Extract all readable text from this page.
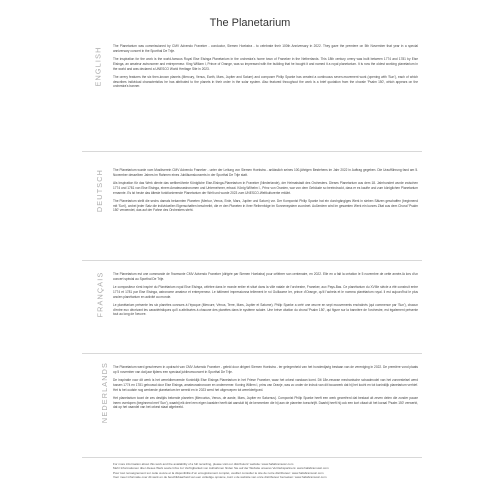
The Planetarium
ENGLISH

The Planetarium was commissioned by CMV Advendo Franeker - conductor, Siemen Hoekstra - to celebrate their 100th Anniversary in 2022. They gave the premiere on 5th November that year in a special anniversary concert in the Sporthal De Trije.

The inspiration for the work is the world-famous Royal Eise Eisinga Planetarium in the orchestra's home town of Franeker in the Netherlands. This 18th century orrery was built between 1774 and 1781 by Eise Eisinga, an amateur astronomer and entrepreneur. King William I, Prince of Orange, was so impressed with the building that he bought it and named it a royal planetarium. It is now the oldest working planetarium in the world and was declared a UNESCO World Heritage Site in 2023.

The orrery features the six then-known planets (Mercury, Venus, Earth, Mars, Jupiter and Saturn) and composer Philip Sparke has created a continuous seven-movement work (opening with 'Sun'), each of which describes individual characteristics he has attributed to the planets in their order in the solar system. Also featured throughout the work is a brief quotation from the chorale 'Psalm 150', which appears on the orchestra's banner.

DEUTSCH	The Planetarium wurde vom Musikverein CMV Advendo Franeker - unter der Leitung von Siemen Hoekstra - anlässlich seines 100-jährigen Bestehens im Jahr 2022 in Auftrag gegeben. Die Uraufführung fand am 5. November desselben Jahres im Rahmen eines Jubiläumskonzerts in der Sporthal De Trije statt.

Als Inspiration für das Werk diente das weltberühmte Königliche Eise-Eisinga-Planetarium in Franeker (Niederlande), der Heimatstadt des Orchesters. Dieses Planetarium aus dem 18. Jahrhundert wurde zwischen 1774 und 1781 von Eise Eisinga, einem Amateurastronomen und Unternehmer, erbaut. König Wilhelm I., Prinz von Oranien, war von dem Gebäude so beeindruckt, dass er es kaufte und zum königlichen Planetarium ernannte. Es ist heute das älteste funktionierende Planetarium der Welt und wurde 2023 zum UNESCO-Weltkulturerbe erklärt.

The Planetarium stellt die sechs damals bekannten Planeten (Merkur, Venus, Erde, Mars, Jupiter und Saturn) vor. Der Komponist Philip Sparke hat ein durchgängiges Werk in sieben Sätzen geschaffen (beginnend mit 'Sun'), wobei jeder Satz die individuellen Eigenschaften beschreibt, die er den Planeten in ihrer Reihenfolge im Sonnensystem zuordnet. Außerdem wird im gesamten Werk ein kurzes Zitat aus dem Choral 'Psalm 150' verwendet, das auf der Fahne des Orchesters steht.

FRANÇAIS	The Planetarium est une commande de l'harmonie CMV Advendo Franeker (dirigée par Siemen Hoekstra) pour célébrer son centenaire, en 2022. Elle en a fait la création le 5 novembre de cette année-là lors d'un concert spécial au Sporthal De Trije.

Le compositeur s'est inspiré du Planétarium royal Eise Eisinga, célèbre dans le monde entier et situé dans la ville natale de l'orchestre, Franeker, aux Pays-Bas. Ce planétarium du XVIIIe siècle a été construit entre 1774 et 1781 par Eise Eisinga, astronome amateur et entrepreneur. Le bâtiment impressionna tellement le roi Guillaume Ier, prince d'Orange, qu'il l'acheta et le nomma planétarium royal. Il est aujourd'hui le plus ancien planétarium en activité au monde.

Le planétarium présente les six planètes connues à l'époque (Mercure, Vénus, Terre, Mars, Jupiter et Saturne). Philip Sparke a créé une œuvre en sept mouvements enchaînés (qui commence par 'Sun'), chacun d'entre eux décrivant les caractéristiques qu'il a attribuées à chacune des planètes dans le système solaire. Une brève citation du choral 'Psalm 150', qui figure sur la bannière de l'orchestre, est également présente tout au long de l'œuvre.

NEDERLANDS The Planetarium werd geschreven in opdracht van CMV Advendo Franeker - geleid door dirigent Siemen Hoekstra - ter gelegenheid van het honderdjarig bestaan van de vereniging in 2022. De première vond plaats op 5 november van dat jaar tijdens een speciaal jubileumconcert in Sporthal De Trije.

De inspiratie voor dit werk is het wereldberoemde Koninklijk Eise Eisinga Planetarium in het Friese Franeker, waar het orkest vandaan komt. Dit 18e-eeuwse mechanische schaalmodel van het zonnestelsel werd tussen 1774 en 1781 gebouwd door Eise Eisinga, amateurastronoom en ondernemer. Koning Willem I, prins van Oranje, was zo onder de indruk van dit bouwwerk dat hij het kocht en tot koninklijk planetarium verhief. Het is het oudste nog werkende planetarium ter wereld en in 2023 werd het uitgeroepen tot werelderfgoed.

Het planetarium toont de zes destijds bekende planeten (Mercurius, Venus, de aarde, Mars, Jupiter en Saturnus). Componist Philip Sparke heeft een werk gecreëerd dat bestaat uit zeven delen die zonder pauze ineen overlopen (beginnend met 'Sun'), waarbij elk deel een eigen karakter heeft dat aansluit bij de kenmerken die hij aan de planeten toeschrijft. Daarbij heeft hij ook een kort citaat uit het koraal 'Psalm 150' verwerkt, dat op het vaandel van het orkest staat afgebeeld.

For more information about this work and the availability of a full recording, please visit our distributors' website: www.hafabramusic.com
Mehr Informationen über dieses Werk sowie Infos zur Verfügbarkeit von Aufnahmen finden Sie auf der Website unseres Vertriebspartners: www.hafabramusic.com
Pour tout renseignement sur cette œuvre et la disponibilité d'un enregistrement complet, veuillez consulter le site de notre distributeur: www.hafabramusic.com
Voor meer informatie over dit werk en de beschikbaarheid van een volledige opname, kunt u de website van onze distributeur bezoeken: www.hafabramusic.com
